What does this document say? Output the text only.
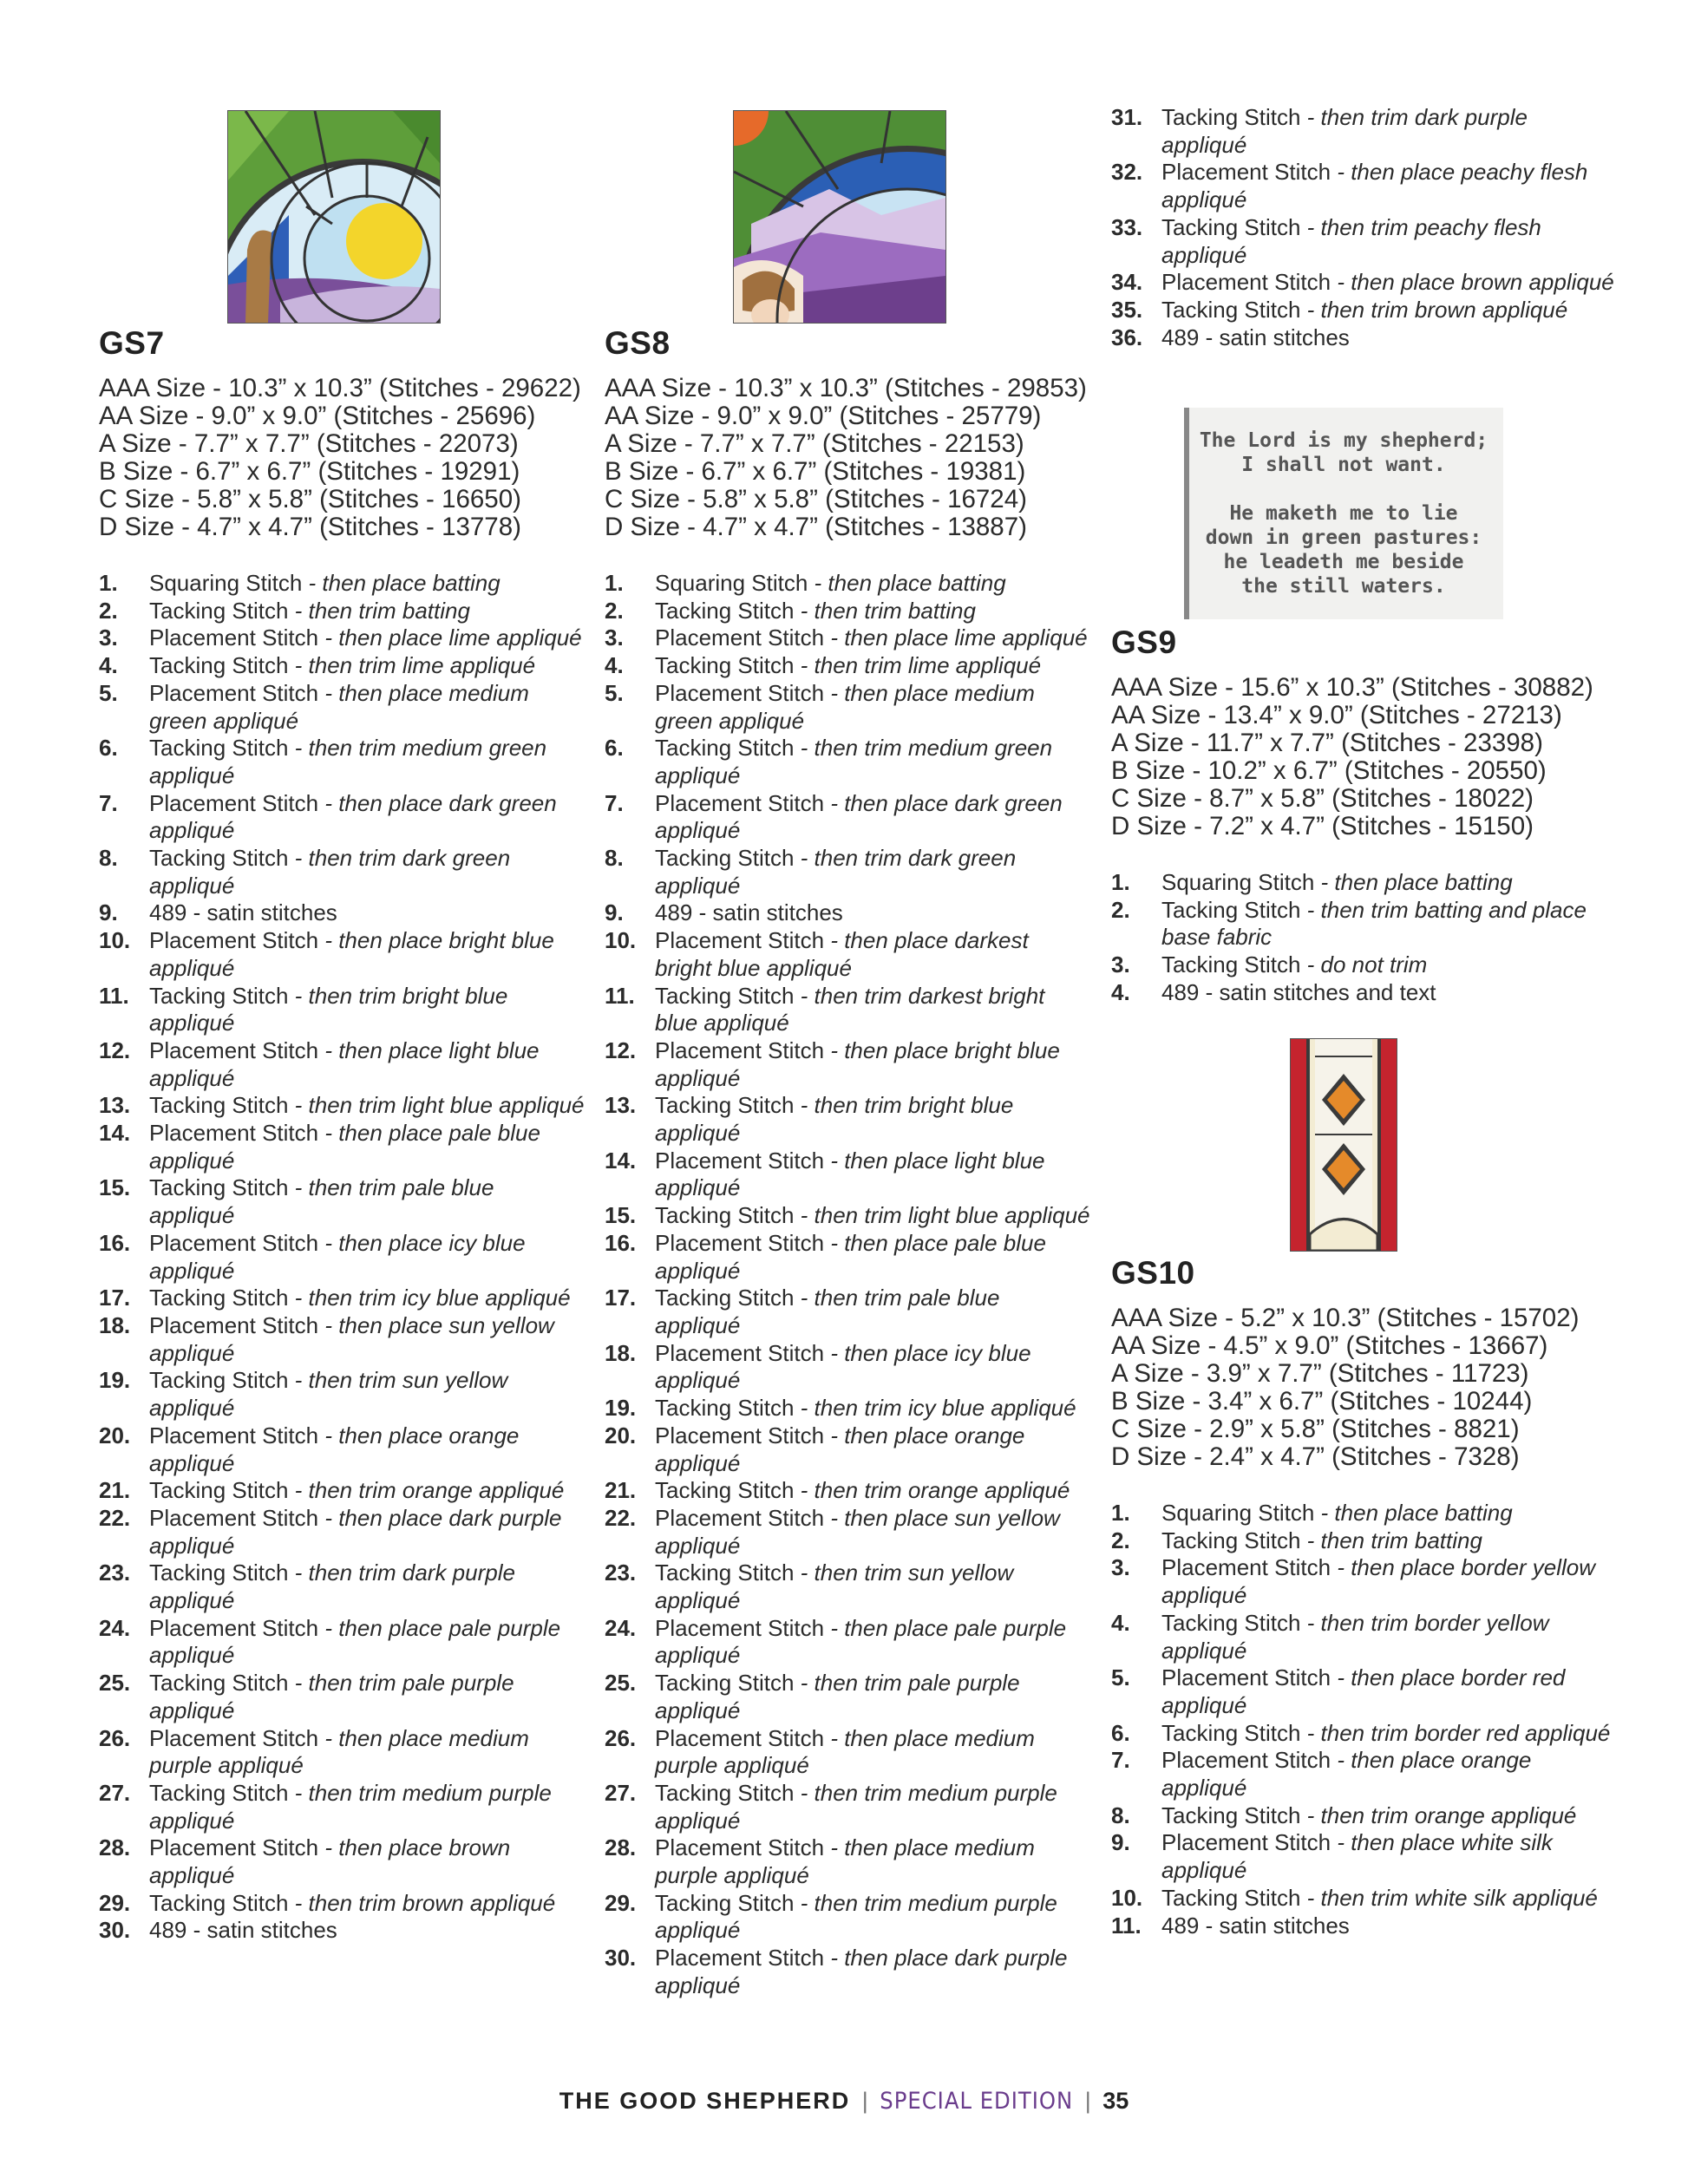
GS7
AAA Size - 10.3” x 10.3” (Stitches - 29622)
AA Size - 9.0” x 9.0” (Stitches - 25696)
A Size - 7.7” x 7.7” (Stitches - 22073)
B Size - 6.7” x 6.7” (Stitches - 19291)
C Size - 5.8” x 5.8” (Stitches - 16650)
D Size - 4.7” x 4.7” (Stitches - 13778)
1.	Squaring Stitch - then place batting
2.	Tacking Stitch - then trim batting
3.	Placement Stitch - then place lime appliqué
4.	Tacking Stitch - then trim lime appliqué
5.	Placement Stitch - then place medium green appliqué
6.	Tacking Stitch - then trim medium green appliqué
7.	Placement Stitch - then place dark green appliqué
8.	Tacking Stitch - then trim dark green appliqué
9.	489 - satin stitches
10. Placement Stitch - then place bright blue appliqué
11. Tacking Stitch - then trim bright blue appliqué
12. Placement Stitch - then place light blue appliqué
13. Tacking Stitch - then trim light blue appliqué
14. Placement Stitch - then place pale blue appliqué
15. Tacking Stitch - then trim pale blue appliqué
16. Placement Stitch - then place icy blue appliqué
17. Tacking Stitch - then trim icy blue appliqué
18. Placement Stitch - then place sun yellow appliqué
19. Tacking Stitch - then trim sun yellow appliqué
20. Placement Stitch - then place orange appliqué
21. Tacking Stitch - then trim orange appliqué
22. Placement Stitch - then place dark purple appliqué
23. Tacking Stitch - then trim dark purple appliqué
24. Placement Stitch - then place pale purple appliqué
25. Tacking Stitch - then trim pale purple appliqué
26. Placement Stitch - then place medium purple appliqué
27. Tacking Stitch - then trim medium purple appliqué
28. Placement Stitch - then place brown appliqué
29. Tacking Stitch - then trim brown appliqué
30. 489 - satin stitches
GS8
AAA Size - 10.3” x 10.3” (Stitches - 29853)
AA Size - 9.0” x 9.0” (Stitches - 25779)
A Size - 7.7” x 7.7” (Stitches - 22153)
B Size - 6.7” x 6.7” (Stitches - 19381)
C Size - 5.8” x 5.8” (Stitches - 16724)
D Size - 4.7” x 4.7” (Stitches - 13887)
1.	Squaring Stitch - then place batting
2.	Tacking Stitch - then trim batting
3.	Placement Stitch - then place lime appliqué
4.	Tacking Stitch - then trim lime appliqué
5.	Placement Stitch - then place medium green appliqué
6.	Tacking Stitch - then trim medium green appliqué
7.	Placement Stitch - then place dark green appliqué
8.	Tacking Stitch - then trim dark green appliqué
9.	489 - satin stitches
10. Placement Stitch - then place darkest bright blue appliqué
11. Tacking Stitch - then trim darkest bright blue appliqué
12. Placement Stitch - then place bright blue appliqué
13. Tacking Stitch - then trim bright blue appliqué
14. Placement Stitch - then place light blue appliqué
15. Tacking Stitch - then trim light blue appliqué
16. Placement Stitch - then place pale blue appliqué
17. Tacking Stitch - then trim pale blue appliqué
18. Placement Stitch - then place icy blue appliqué
19. Tacking Stitch - then trim icy blue appliqué
20. Placement Stitch - then place orange appliqué
21. Tacking Stitch - then trim orange appliqué
22. Placement Stitch - then place sun yellow appliqué
23. Tacking Stitch - then trim sun yellow appliqué
24. Placement Stitch - then place pale purple appliqué
25. Tacking Stitch - then trim pale purple appliqué
26. Placement Stitch - then place medium purple appliqué
27. Tacking Stitch - then trim medium purple appliqué
28. Placement Stitch - then place medium purple appliqué
29. Tacking Stitch - then trim medium purple appliqué
30. Placement Stitch - then place dark purple appliqué
31. Tacking Stitch - then trim dark purple appliqué
32. Placement Stitch - then place peachy flesh appliqué
33. Tacking Stitch - then trim peachy flesh appliqué
34. Placement Stitch - then place brown appliqué
35. Tacking Stitch - then trim brown appliqué
36. 489 - satin stitches
The Lord is my shepherd;
I shall not want.

He maketh me to lie
down in green pastures:
he leadeth me beside
the still waters.
GS9
AAA Size - 15.6” x 10.3” (Stitches - 30882)
AA Size - 13.4” x 9.0” (Stitches - 27213)
A Size - 11.7” x 7.7” (Stitches - 23398)
B Size - 10.2” x 6.7” (Stitches - 20550)
C Size - 8.7” x 5.8” (Stitches - 18022)
D Size - 7.2” x 4.7” (Stitches - 15150)
1.	Squaring Stitch - then place batting
2.	Tacking Stitch - then trim batting and place base fabric
3.	Tacking Stitch - do not trim
4.	489 - satin stitches and text
GS10
AAA Size - 5.2” x 10.3” (Stitches - 15702)
AA Size - 4.5” x 9.0” (Stitches - 13667)
A Size - 3.9” x 7.7” (Stitches - 11723)
B Size - 3.4” x 6.7” (Stitches - 10244)
C Size - 2.9” x 5.8” (Stitches - 8821)
D Size - 2.4” x 4.7” (Stitches - 7328)
1.	Squaring Stitch - then place batting
2.	Tacking Stitch - then trim batting
3.	Placement Stitch - then place border yellow appliqué
4.	Tacking Stitch - then trim border yellow appliqué
5.	Placement Stitch - then place border red appliqué
6.	Tacking Stitch - then trim border red appliqué
7.	Placement Stitch - then place orange appliqué
8.	Tacking Stitch - then trim orange appliqué
9.	Placement Stitch - then place white silk appliqué
10. Tacking Stitch - then trim white silk appliqué
11. 489 - satin stitches
THE GOOD SHEPHERD | SPECIAL EDITION | 35
